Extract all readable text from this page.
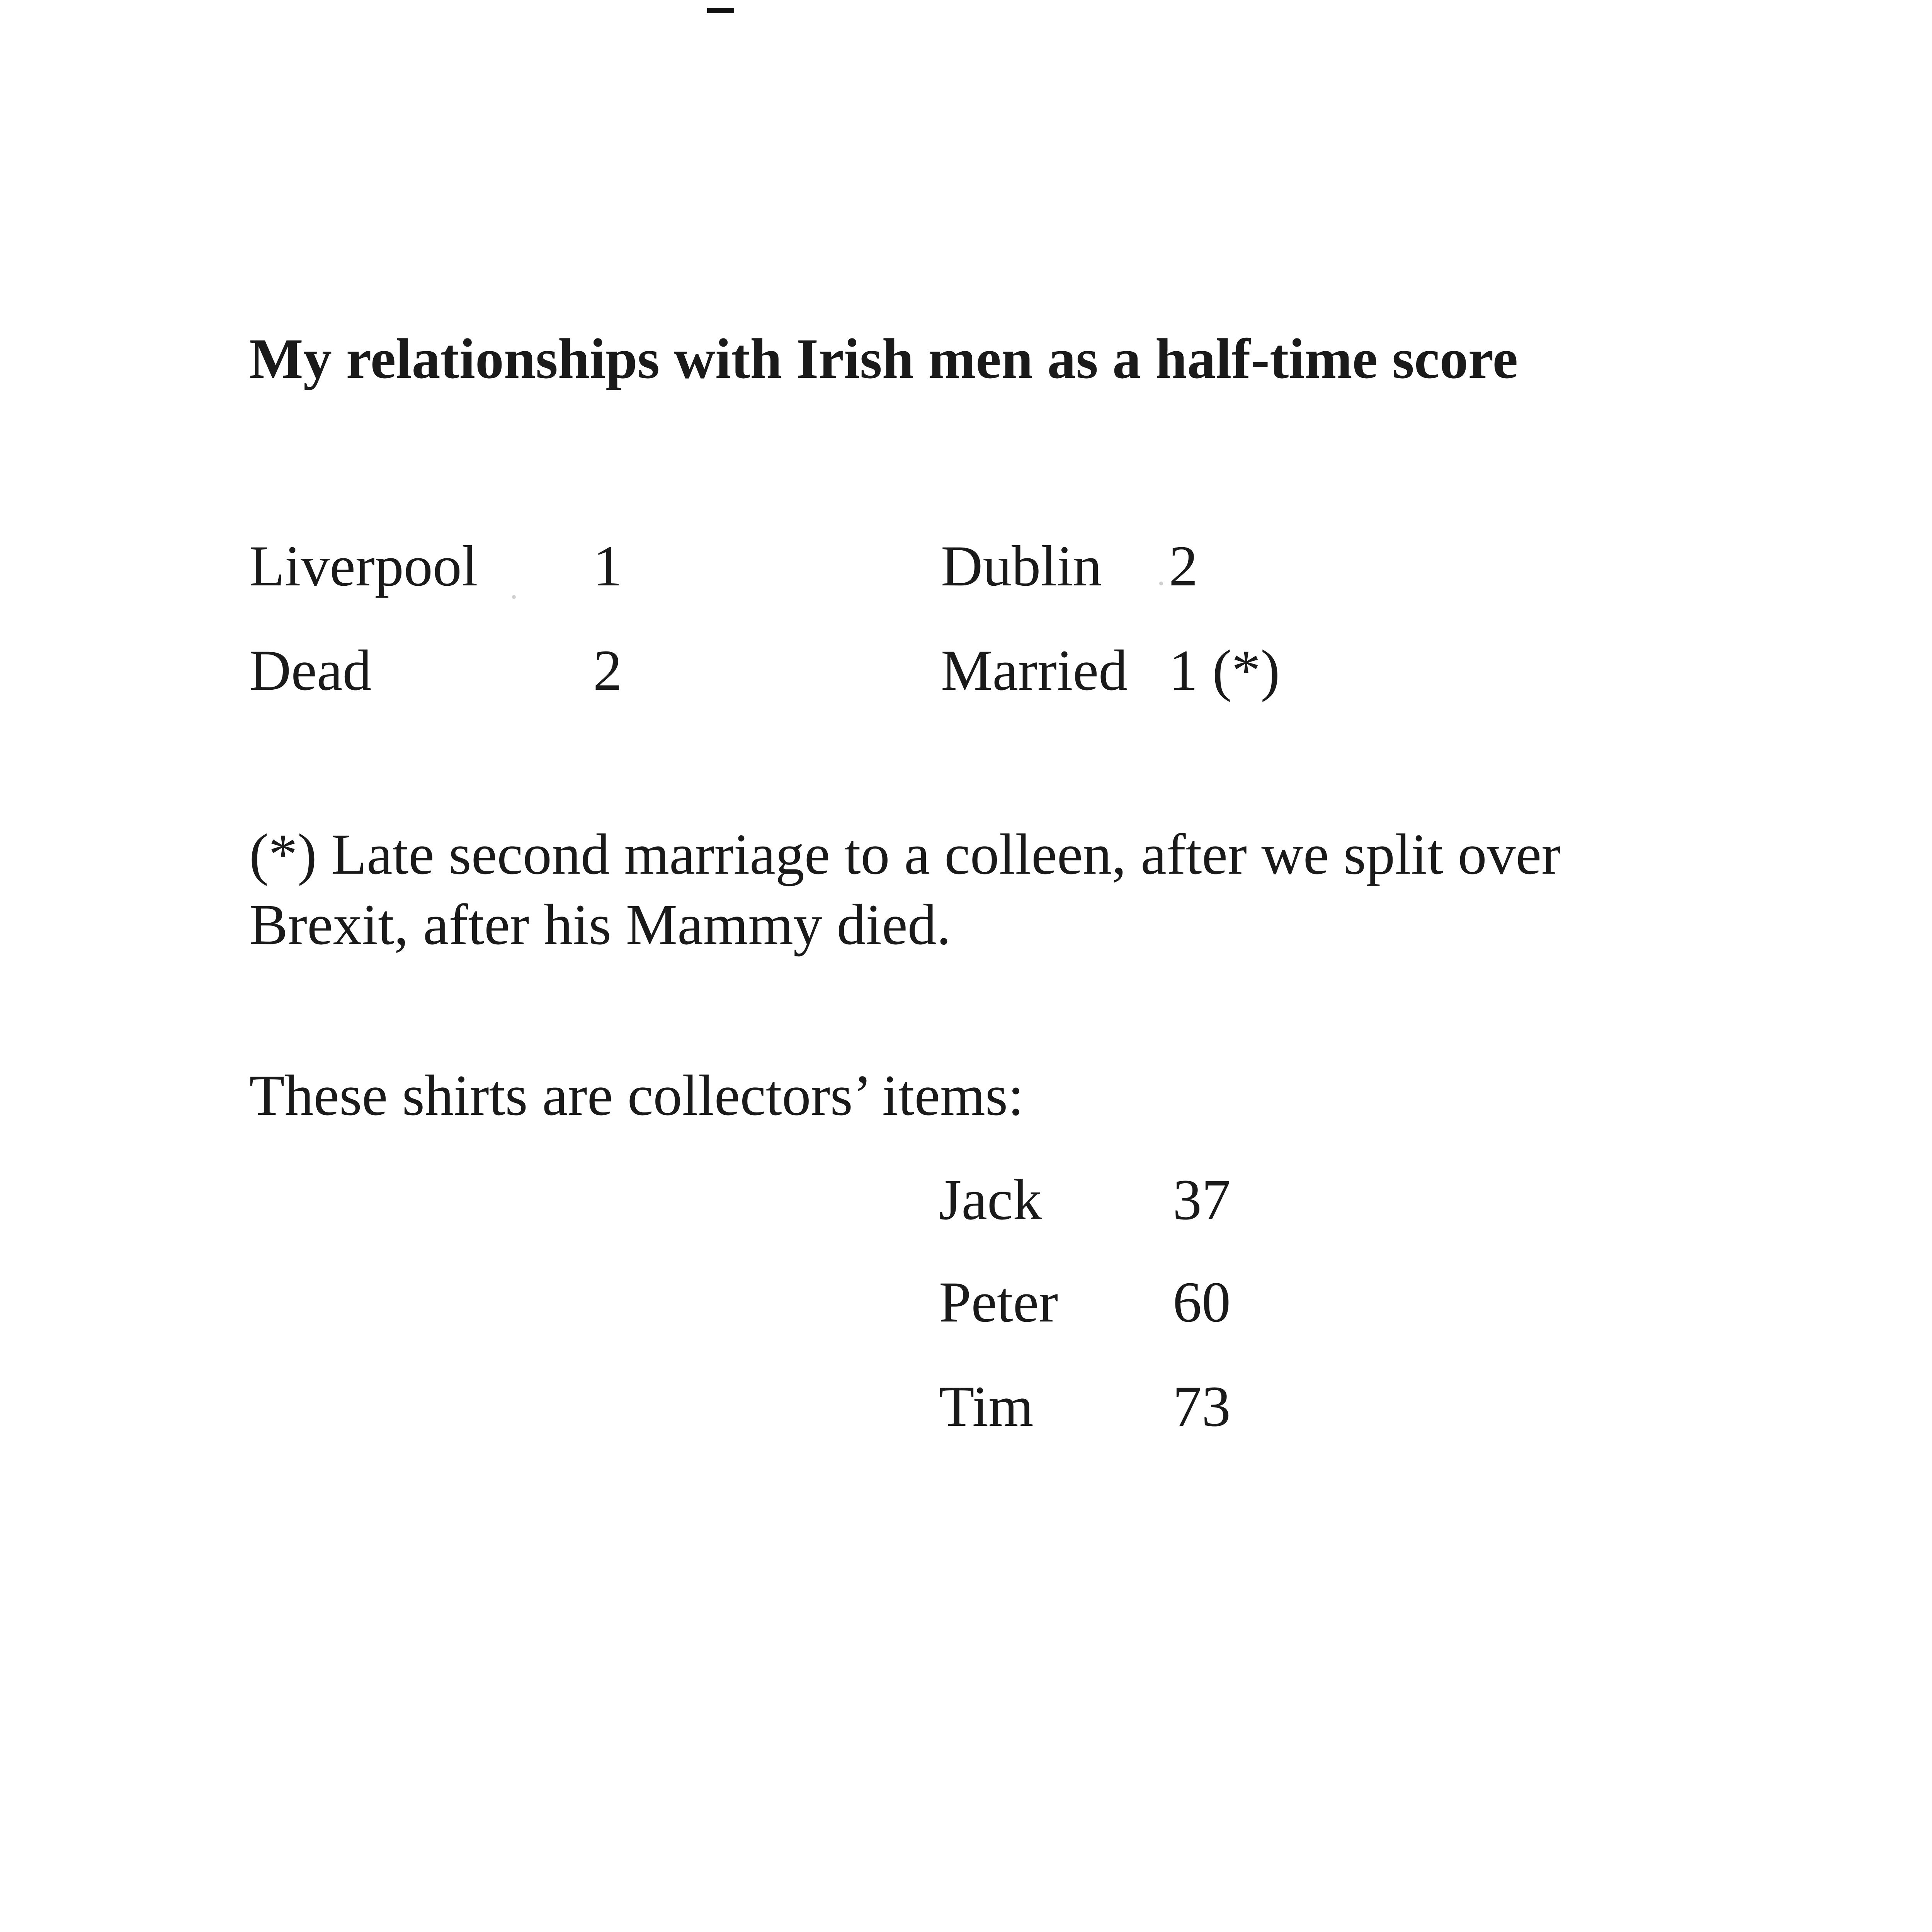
My relationships with Irish men as a half-time score
Liverpool 1	Dublin 2
Dead	2	Married 1 (*)
(*) Late second marriage to a colleen, after we split over Brexit, after his Mammy died.
These shirts are collectors’ items:
Jack 37
Peter 60
Tim 73
